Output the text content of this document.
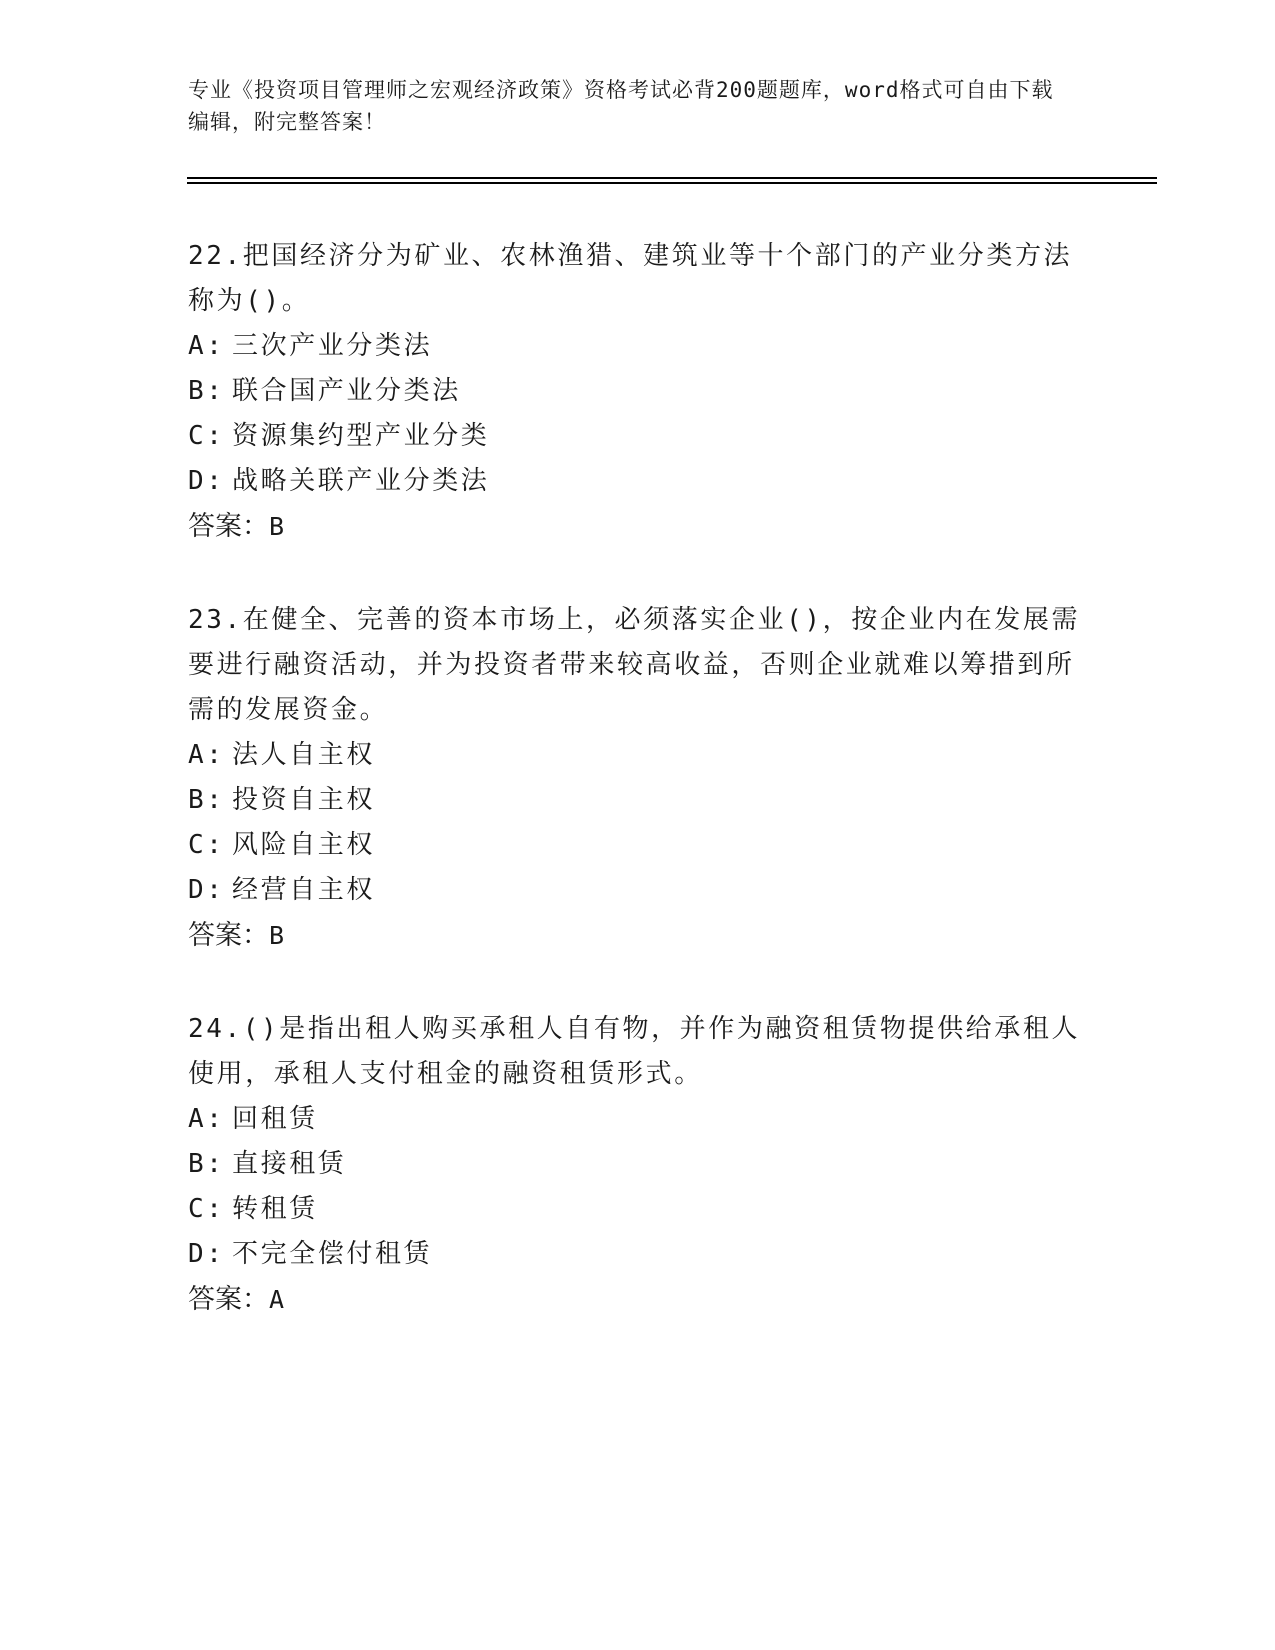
专业《投资项目管理师之宏观经济政策》资格考试必背200题题库，word格式可自由下载编辑，附完整答案！

22.把国经济分为矿业、农林渔猎、建筑业等十个部门的产业分类方法称为()。

A: 三次产业分类法

B: 联合国产业分类法

C: 资源集约型产业分类

D: 战略关联产业分类法

答案：B

23.在健全、完善的资本市场上，必须落实企业()，按企业内在发展需要进行融资活动，并为投资者带来较高收益，否则企业就难以筹措到所需的发展资金。

A: 法人自主权

B: 投资自主权

C: 风险自主权

D: 经营自主权

答案：B

24.()是指出租人购买承租人自有物，并作为融资租赁物提供给承租人使用，承租人支付租金的融资租赁形式。

A: 回租赁

B: 直接租赁

C: 转租赁

D: 不完全偿付租赁

答案：A
